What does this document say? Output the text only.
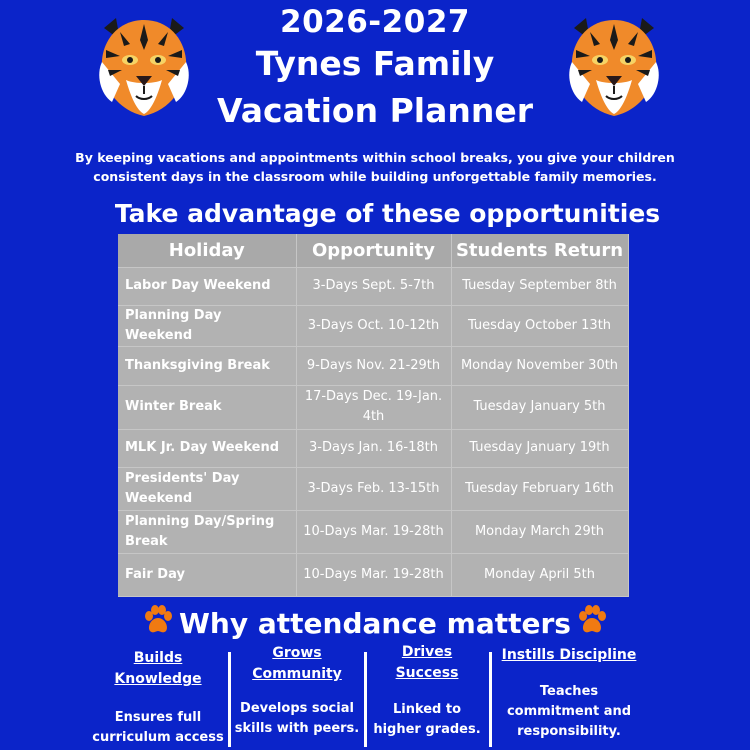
2026-2027
Tynes Family
Vacation Planner
By keeping vacations and appointments within school breaks, you give your children consistent days in the classroom while building unforgettable family memories.
Take advantage of these opportunities
Holiday	Opportunity	Students Return
Labor Day Weekend	3-Days Sept. 5-7th	Tuesday September 8th
Planning Day Weekend	3-Days Oct. 10-12th	Tuesday October 13th
Thanksgiving Break	9-Days Nov. 21-29th	Monday November 30th
Winter Break	17-Days Dec. 19-Jan. 4th	Tuesday January 5th
MLK Jr. Day Weekend	3-Days Jan. 16-18th	Tuesday January 19th
Presidents' Day Weekend	3-Days Feb. 13-15th	Tuesday February 16th
Planning Day/Spring Break	10-Days Mar. 19-28th	Monday March 29th
Fair Day	10-Days Mar. 19-28th	Monday April 5th
Why attendance matters
Builds Knowledge
Ensures full curriculum access
Grows Community
Develops social skills with peers.
Drives Success
Linked to higher grades.
Instills Discipline
Teaches commitment and responsibility.
